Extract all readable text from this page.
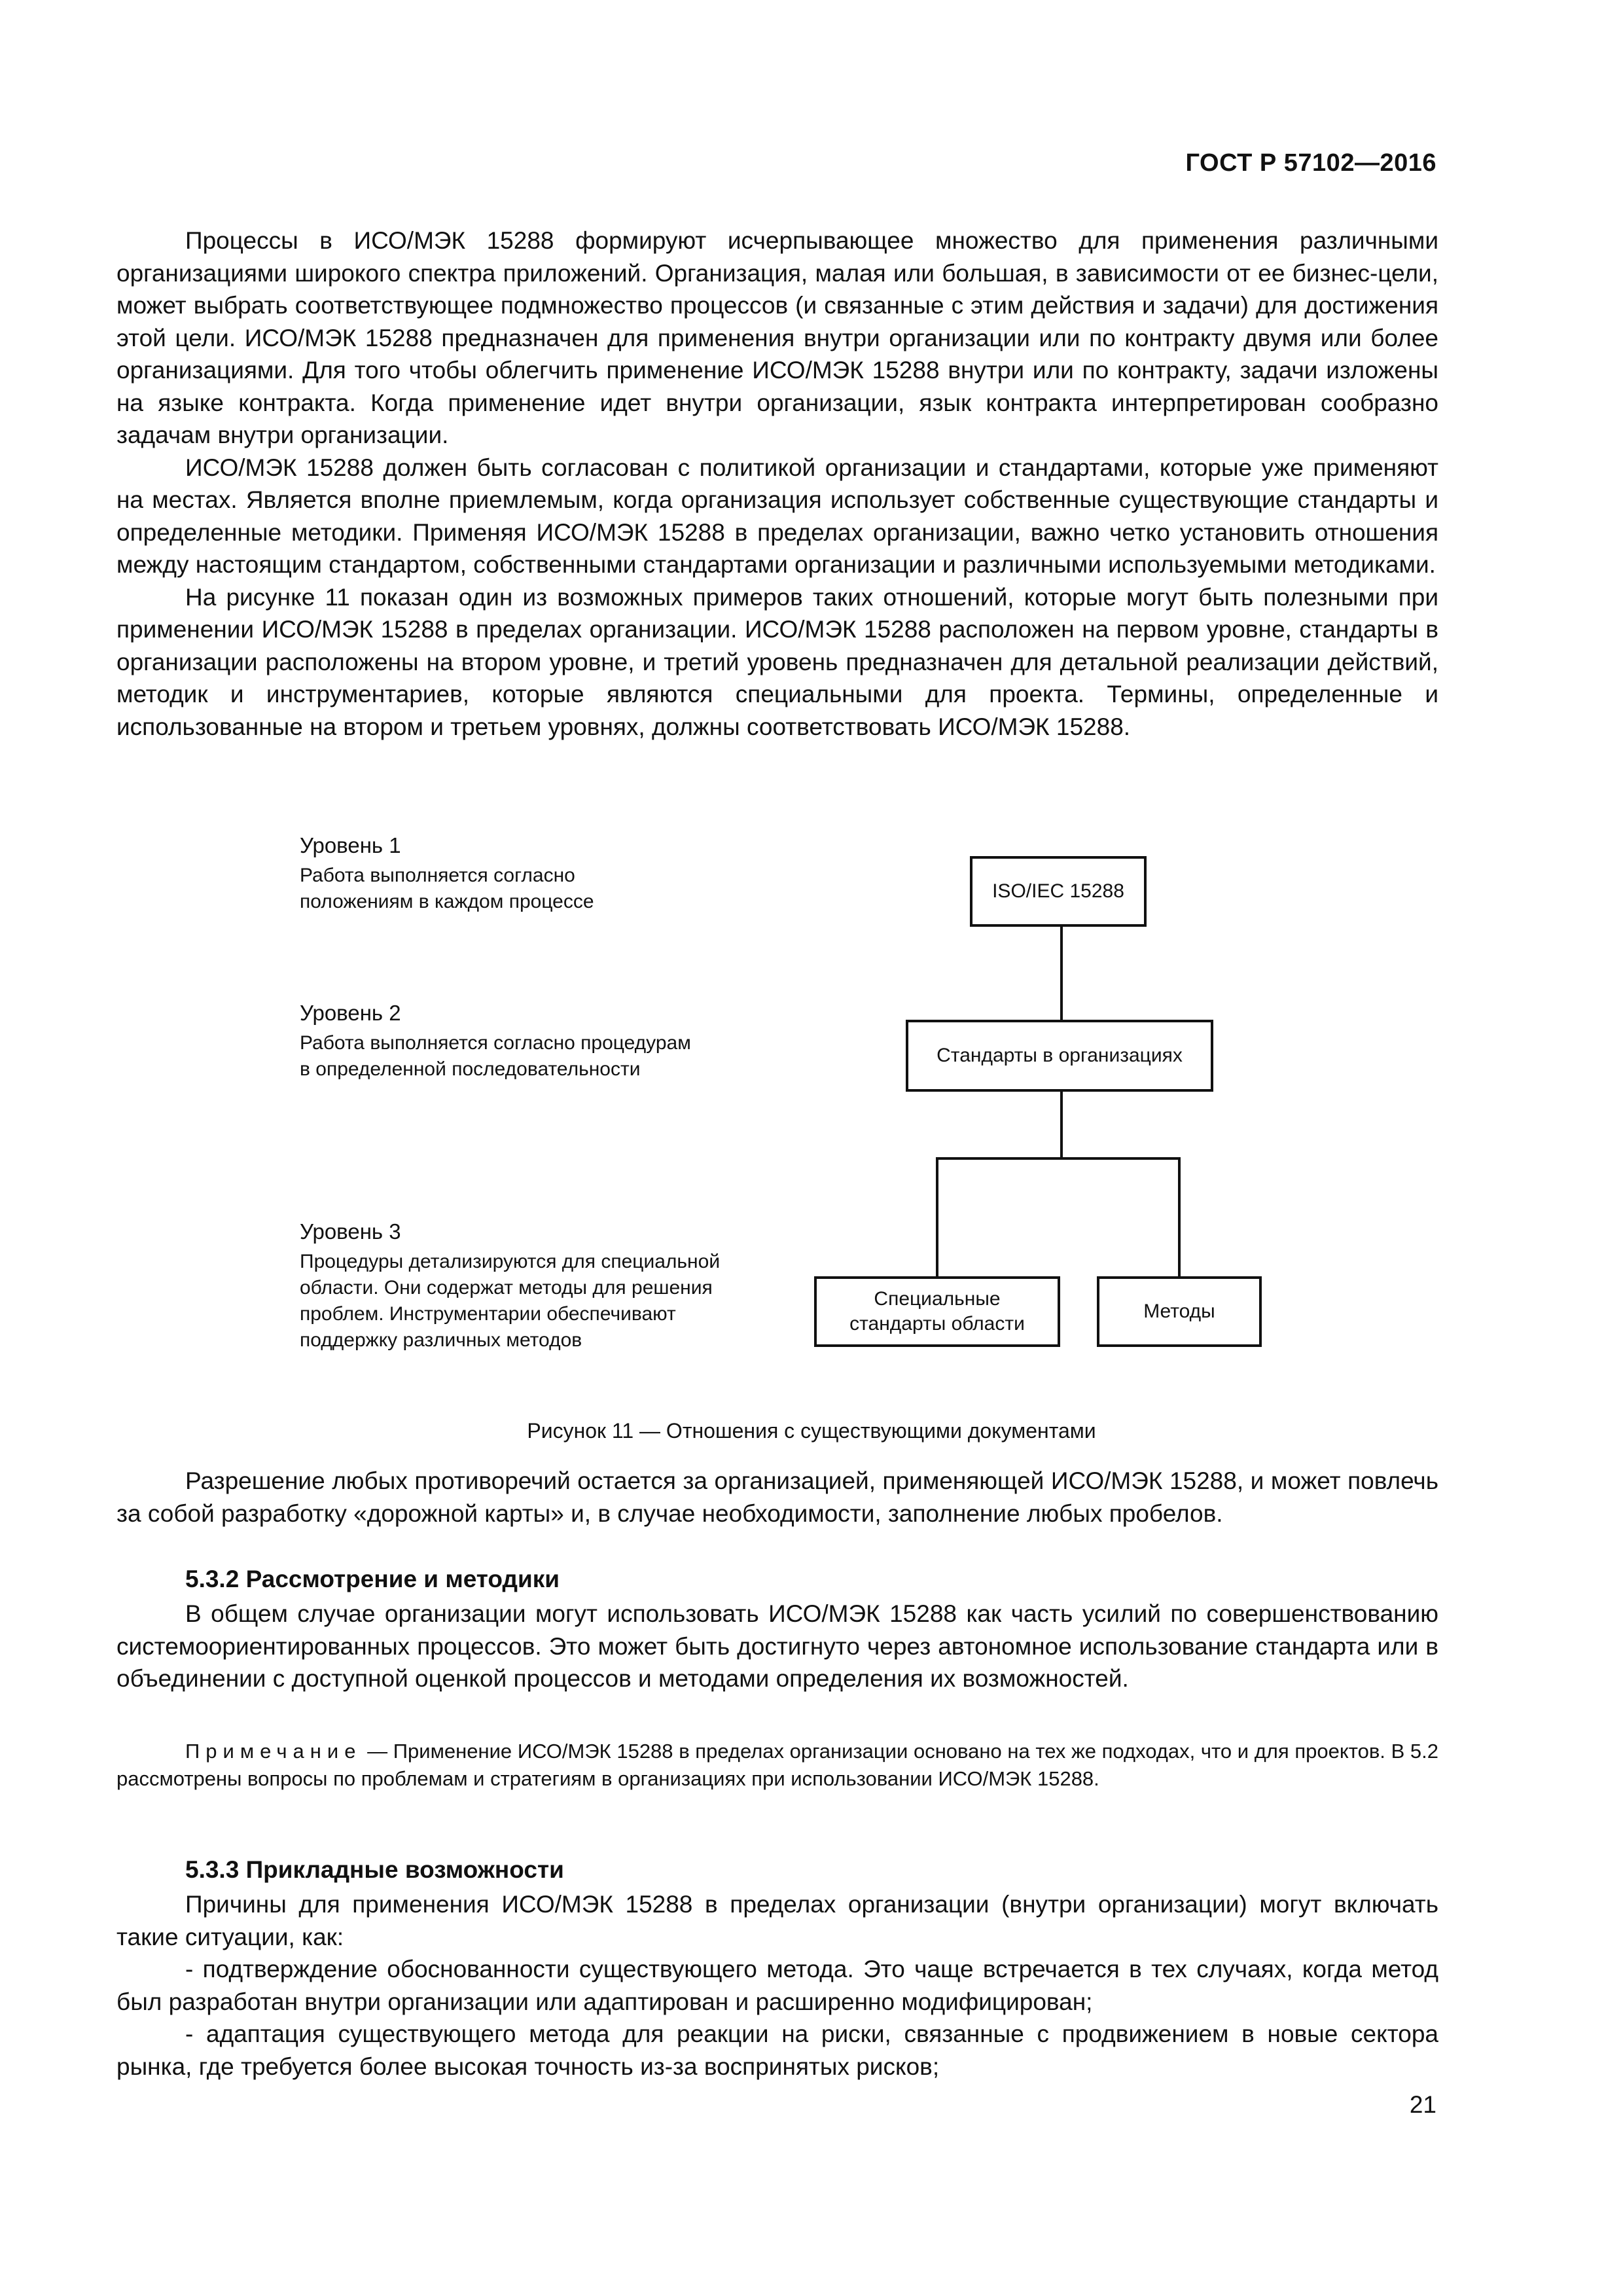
ГОСТ Р 57102—2016

Процессы в ИСО/МЭК 15288 формируют исчерпывающее множество для применения различными организациями широкого спектра приложений. Организация, малая или большая, в зависимости от ее бизнес-цели, может выбрать соответствующее подмножество процессов (и связанные с этим действия и задачи) для достижения этой цели. ИСО/МЭК 15288 предназначен для применения внутри организации или по контракту двумя или более организациями. Для того чтобы облегчить применение ИСО/МЭК 15288 внутри или по контракту, задачи изложены на языке контракта. Когда применение идет внутри организации, язык контракта интерпретирован сообразно задачам внутри организации.

ИСО/МЭК 15288 должен быть согласован с политикой организации и стандартами, которые уже применяют на местах. Является вполне приемлемым, когда организация использует собственные существующие стандарты и определенные методики. Применяя ИСО/МЭК 15288 в пределах организации, важно четко установить отношения между настоящим стандартом, собственными стандартами организации и различными используемыми методиками.

На рисунке 11 показан один из возможных примеров таких отношений, которые могут быть полезными при применении ИСО/МЭК 15288 в пределах организации. ИСО/МЭК 15288 расположен на первом уровне, стандарты в организации расположены на втором уровне, и третий уровень предназначен для детальной реализации действий, методик и инструментариев, которые являются специальными для проекта. Термины, определенные и использованные на втором и третьем уровнях, должны соответствовать ИСО/МЭК 15288.

Уровень 1
Работа выполняется согласно
положениям в каждом процессе
Уровень 2
Работа выполняется согласно процедурам
в определенной последовательности
Уровень 3
Процедуры детализируются для специальной
области. Они содержат методы для решения
проблем. Инструментарии обеспечивают
поддержку различных методов
ISO/IEC 15288
Стандарты в организациях
Специальные
стандарты области
Методы
Рисунок 11 — Отношения с существующими документами

Разрешение любых противоречий остается за организацией, применяющей ИСО/МЭК 15288, и может повлечь за собой разработку «дорожной карты» и, в случае необходимости, заполнение любых пробелов.

5.3.2 Рассмотрение и методики

В общем случае организации могут использовать ИСО/МЭК 15288 как часть усилий по совершенствованию системоориентированных процессов. Это может быть достигнуто через автономное использование стандарта или в объединении с доступной оценкой процессов и методами определения их возможностей.

Примечание — Применение ИСО/МЭК 15288 в пределах организации основано на тех же подходах, что и для проектов. В 5.2 рассмотрены вопросы по проблемам и стратегиям в организациях при использовании ИСО/МЭК 15288.
5.3.3 Прикладные возможности

Причины для применения ИСО/МЭК 15288 в пределах организации (внутри организации) могут включать такие ситуации, как:

- подтверждение обоснованности существующего метода. Это чаще встречается в тех случаях, когда метод был разработан внутри организации или адаптирован и расширенно модифицирован;

- адаптация существующего метода для реакции на риски, связанные с продвижением в новые сектора рынка, где требуется более высокая точность из-за воспринятых рисков;

21
